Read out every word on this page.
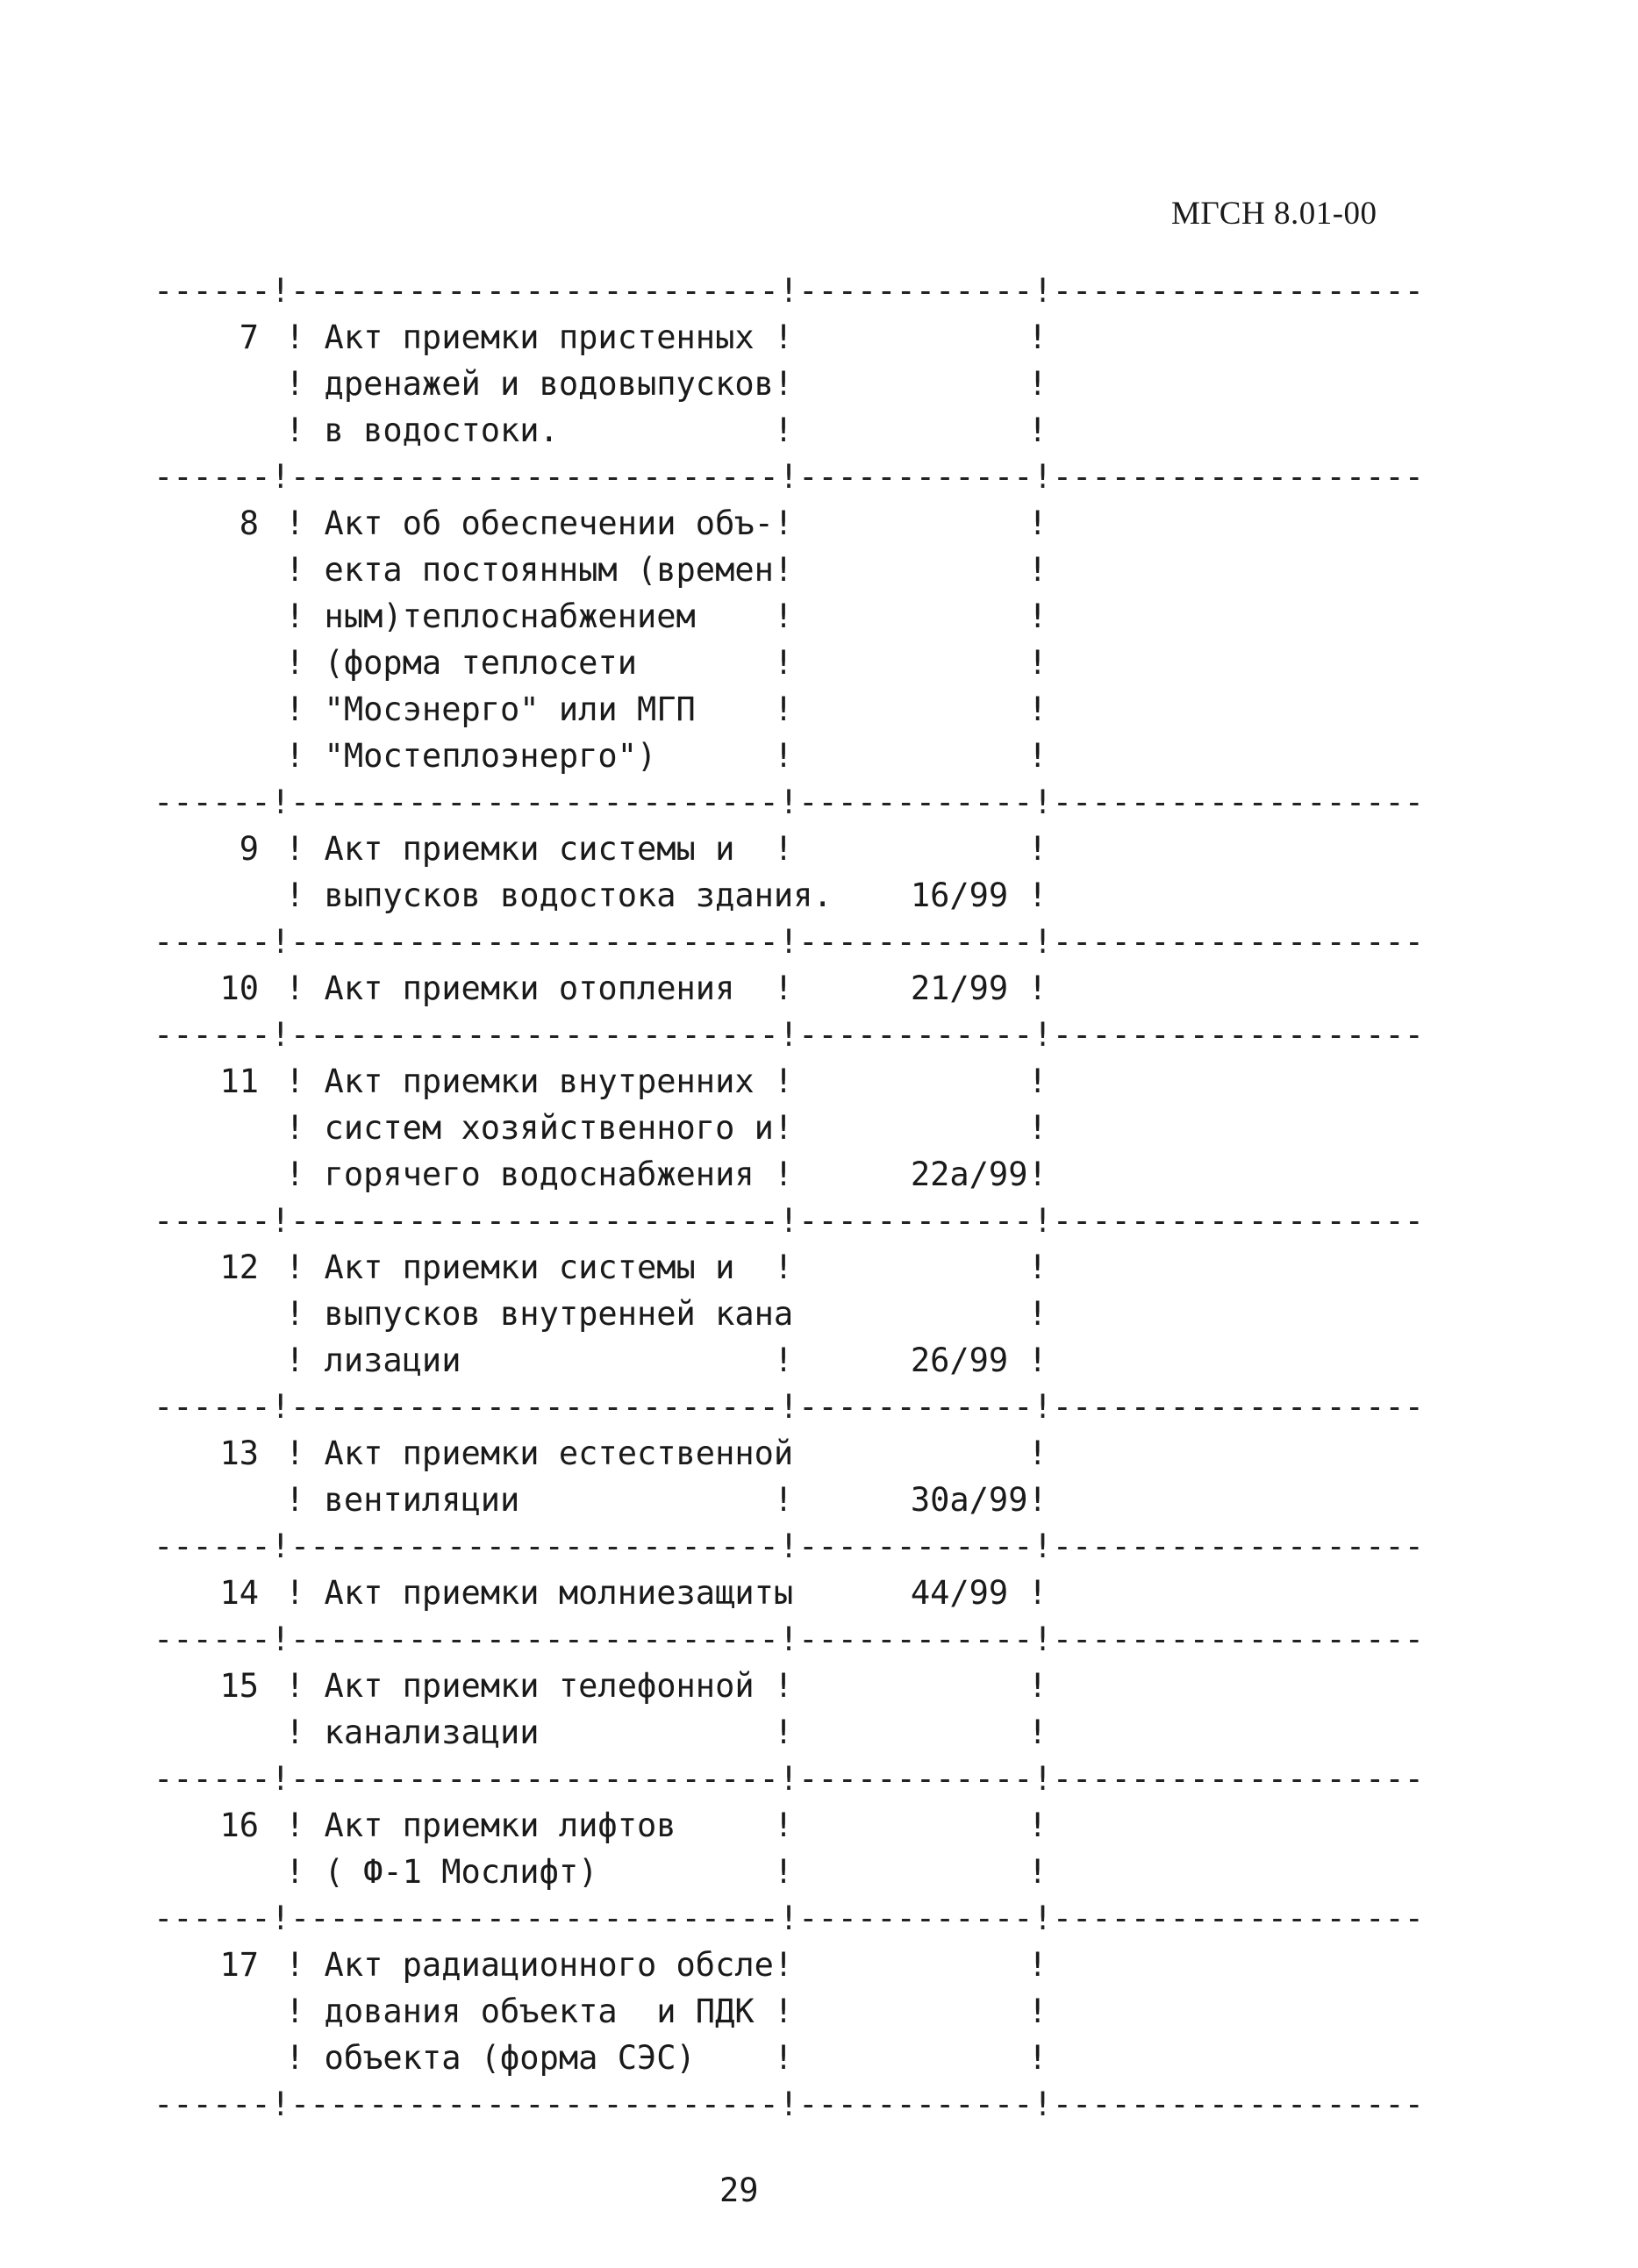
МГСН 8.01-00
------!-------------------------!------------!-------------------
7 ! Акт приемки пристенных !            !
! дренажей и водовыпусков!            !
! в водостоки.           !            !
------!-------------------------!------------!-------------------
8 ! Акт об обеспечении объ-!            !
! екта постоянным (времен!            !
! ным)теплоснабжением    !            !
! (форма теплосети       !            !
! "Мосэнерго" или МГП    !            !
! "Мостеплоэнерго")      !            !
------!-------------------------!------------!-------------------
9 ! Акт приемки системы и  !            !
! выпусков водостока здания.    16/99 !
------!-------------------------!------------!-------------------
10 ! Акт приемки отопления  !      21/99 !
------!-------------------------!------------!-------------------
11 ! Акт приемки внутренних !            !
! систем хозяйственного и!            !
! горячего водоснабжения !      22а/99!
------!-------------------------!------------!-------------------
12 ! Акт приемки системы и  !            !
! выпусков внутренней кана            !
! лизации                !      26/99 !
------!-------------------------!------------!-------------------
13 ! Акт приемки естественной            !
! вентиляции             !      30а/99!
------!-------------------------!------------!-------------------
14 ! Акт приемки молниезащиты      44/99 !
------!-------------------------!------------!-------------------
15 ! Акт приемки телефонной !            !
! канализации            !            !
------!-------------------------!------------!-------------------
16 ! Акт приемки лифтов     !            !
! ( Ф-1 Мослифт)         !            !
------!-------------------------!------------!-------------------
17 ! Акт радиационного обсле!            !
! дования объекта  и ПДК !            !
! объекта (форма СЭС)    !            !
------!-------------------------!------------!-------------------
29
